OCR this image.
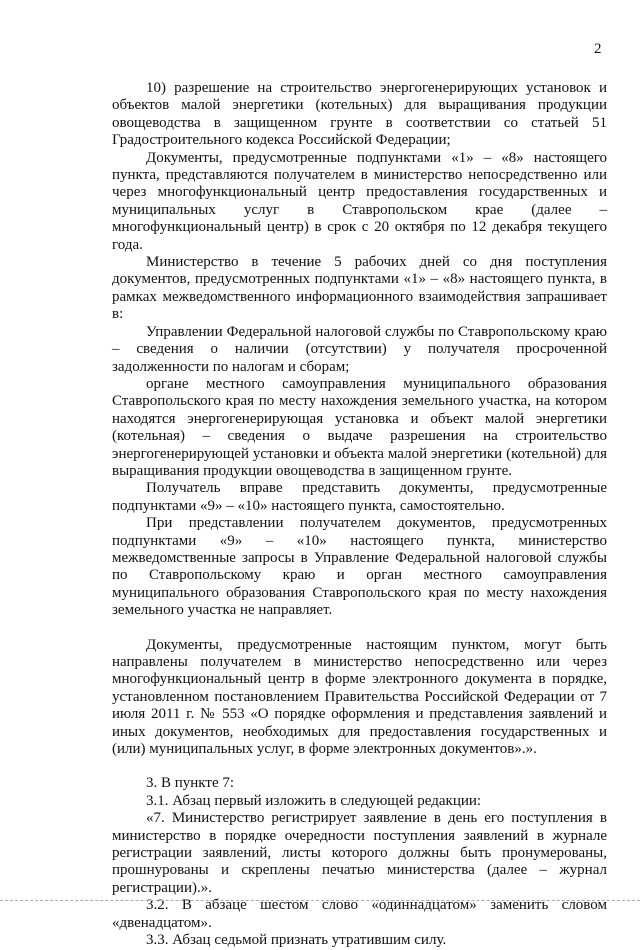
2

10) разрешение на строительство энергогенерирующих установок и объектов малой энергетики (котельных) для выращивания продукции овощеводства в защищенном грунте в соответствии со статьей 51 Градостроительного кодекса Российской Федерации;

Документы, предусмотренные подпунктами «1» – «8» настоящего пункта, представляются получателем в министерство непосредственно или через многофункциональный центр предоставления государственных и муниципальных услуг в Ставропольском крае (далее – многофункциональный центр) в срок с 20 октября по 12 декабря текущего года.

Министерство в течение 5 рабочих дней со дня поступления документов, предусмотренных подпунктами «1» – «8» настоящего пункта, в рамках межведомственного информационного взаимодействия запрашивает в:

Управлении Федеральной налоговой службы по Ставропольскому краю – сведения о наличии (отсутствии) у получателя просроченной задолженности по налогам и сборам;

органе местного самоуправления муниципального образования Ставропольского края по месту нахождения земельного участка, на котором находятся энергогенерирующая установка и объект малой энергетики (котельная) – сведения о выдаче разрешения на строительство энергогенерирующей установки и объекта малой энергетики (котельной) для выращивания продукции овощеводства в защищенном грунте.

Получатель вправе представить документы, предусмотренные подпунктами «9» – «10» настоящего пункта, самостоятельно.

При представлении получателем документов, предусмотренных подпунктами «9» – «10» настоящего пункта, министерство межведомственные запросы в Управление Федеральной налоговой службы по Ставропольскому краю и орган местного самоуправления муниципального образования Ставропольского края по месту нахождения земельного участка не направляет.

Документы, предусмотренные настоящим пунктом, могут быть направлены получателем в министерство непосредственно или через многофункциональный центр в форме электронного документа в порядке, установленном постановлением Правительства Российской Федерации от 7 июля 2011 г. № 553 «О порядке оформления и представления заявлений и иных документов, необходимых для предоставления государственных и (или) муниципальных услуг, в форме электронных документов».».

3. В пункте 7:

3.1. Абзац первый изложить в следующей редакции:

«7. Министерство регистрирует заявление в день его поступления в министерство в порядке очередности поступления заявлений в журнале регистрации заявлений, листы которого должны быть пронумерованы, прошнурованы и скреплены печатью министерства (далее – журнал регистрации).».

3.2. В абзаце шестом слово «одиннадцатом» заменить словом «двенадцатом».

3.3. Абзац седьмой признать утратившим силу.
